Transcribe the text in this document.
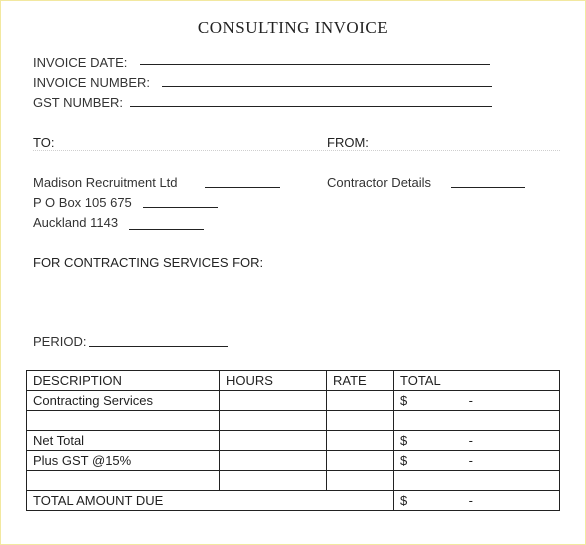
CONSULTING INVOICE
INVOICE DATE:
INVOICE NUMBER:
GST NUMBER:
TO:	FROM:
Madison Recruitment Ltd
P O Box 105 675
Auckland 1143
Contractor Details
FOR CONTRACTING SERVICES FOR:
PERIOD:
DESCRIPTION	HOURS	RATE	TOTAL
Contracting Services			$ -

Net Total			$ -

Plus GST @15%			$ -

TOTAL AMOUNT DUE			$ -
